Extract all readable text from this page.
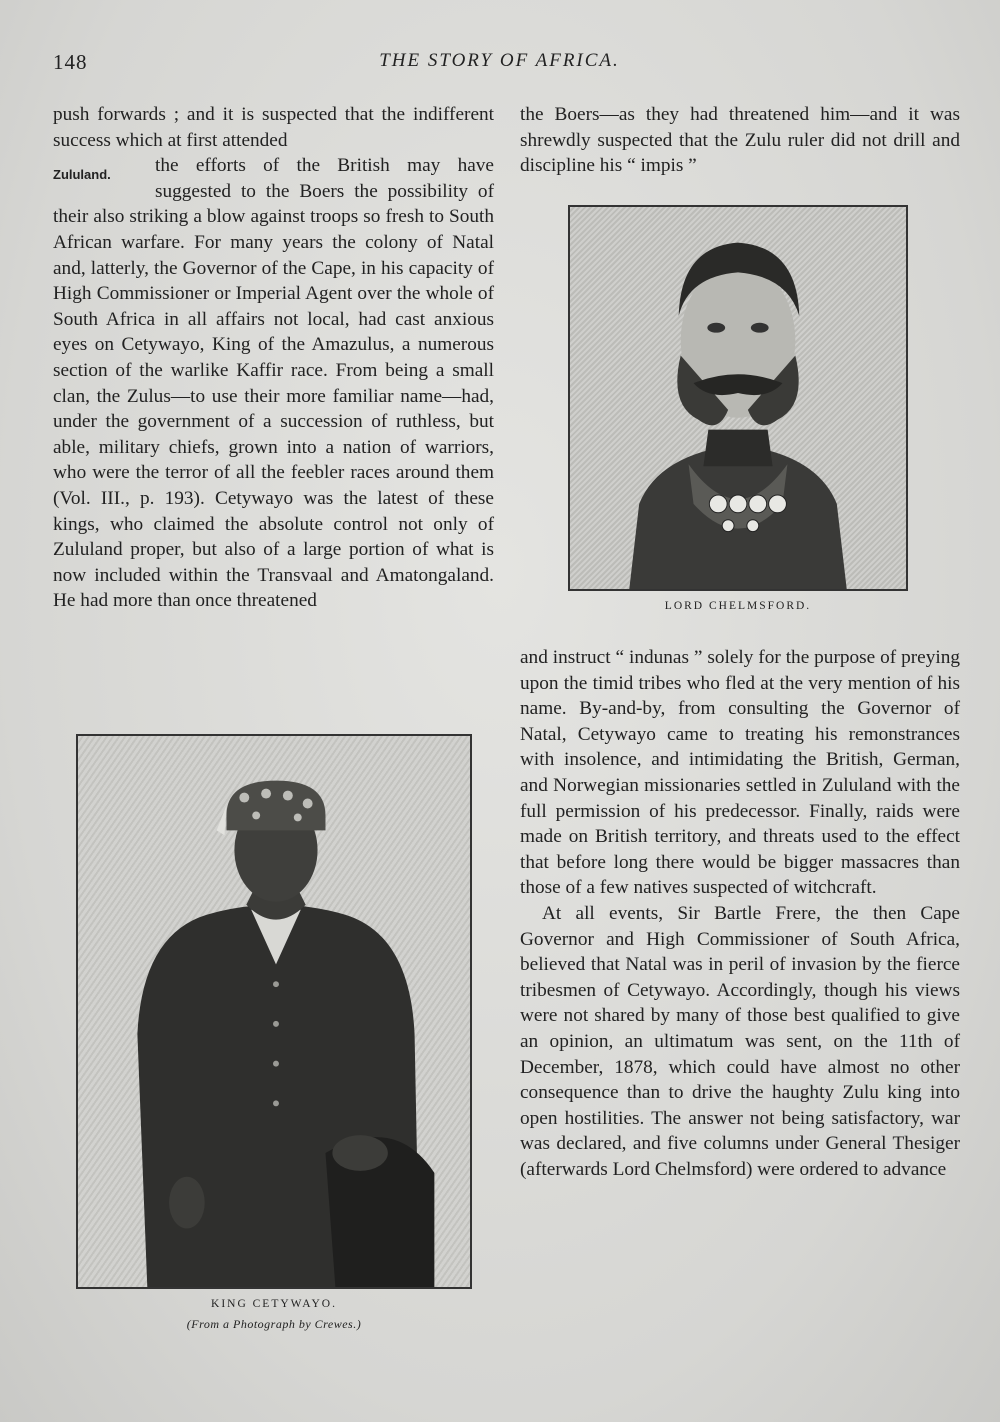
148	THE STORY OF AFRICA.

push forwards ; and it is suspected that the indifferent success which at first attended

Zululand.	the efforts of the British may have suggested to the Boers the possibility of their also striking a blow against troops so fresh to South African warfare. For many years the colony of Natal and, latterly, the Governor of the Cape, in his capacity of High Commissioner or Imperial Agent over the whole of South Africa in all affairs not local, had cast anxious eyes on Cetywayo, King of the Amazulus, a numerous section of the warlike Kaffir race. From being a small clan, the Zulus—to use their more familiar name—had, under the government of a succession of ruthless, but able, military chiefs, grown into a nation of warriors, who were the terror of all the feebler races around them (Vol. III., p. 193). Cetywayo was the latest of these kings, who claimed the absolute control not only of Zululand proper, but also of a large portion of what is now included within the Transvaal and Amatongaland. He had more than once threatened

the Boers—as they had threatened him—and it was shrewdly suspected that the Zulu ruler did not drill and discipline his “ impis ”

LORD CHELMSFORD.

and instruct “ indunas ” solely for the purpose of preying upon the timid tribes who fled at the very mention of his name. By-and-by, from consulting the Governor of Natal, Cetywayo came to treating his remonstrances with insolence, and intimidating the British, German, and Norwegian missionaries settled in Zululand with the full permission of his predecessor. Finally, raids were made on British territory, and threats used to the effect that before long there would be bigger massacres than those of a few natives suspected of witchcraft.

At all events, Sir Bartle Frere, the then Cape Governor and High Commissioner of South Africa, believed that Natal was in peril of invasion by the fierce tribesmen of Cetywayo. Accordingly, though his views were not shared by many of those best qualified to give an opinion, an ultimatum was sent, on the 11th of December, 1878, which could have almost no other consequence than to drive the haughty Zulu king into open hostilities. The answer not being satisfactory, war was declared, and five columns under General Thesiger (afterwards Lord Chelmsford) were ordered to advance

KING CETYWAYO.
(From a Photograph by Crewes.)
